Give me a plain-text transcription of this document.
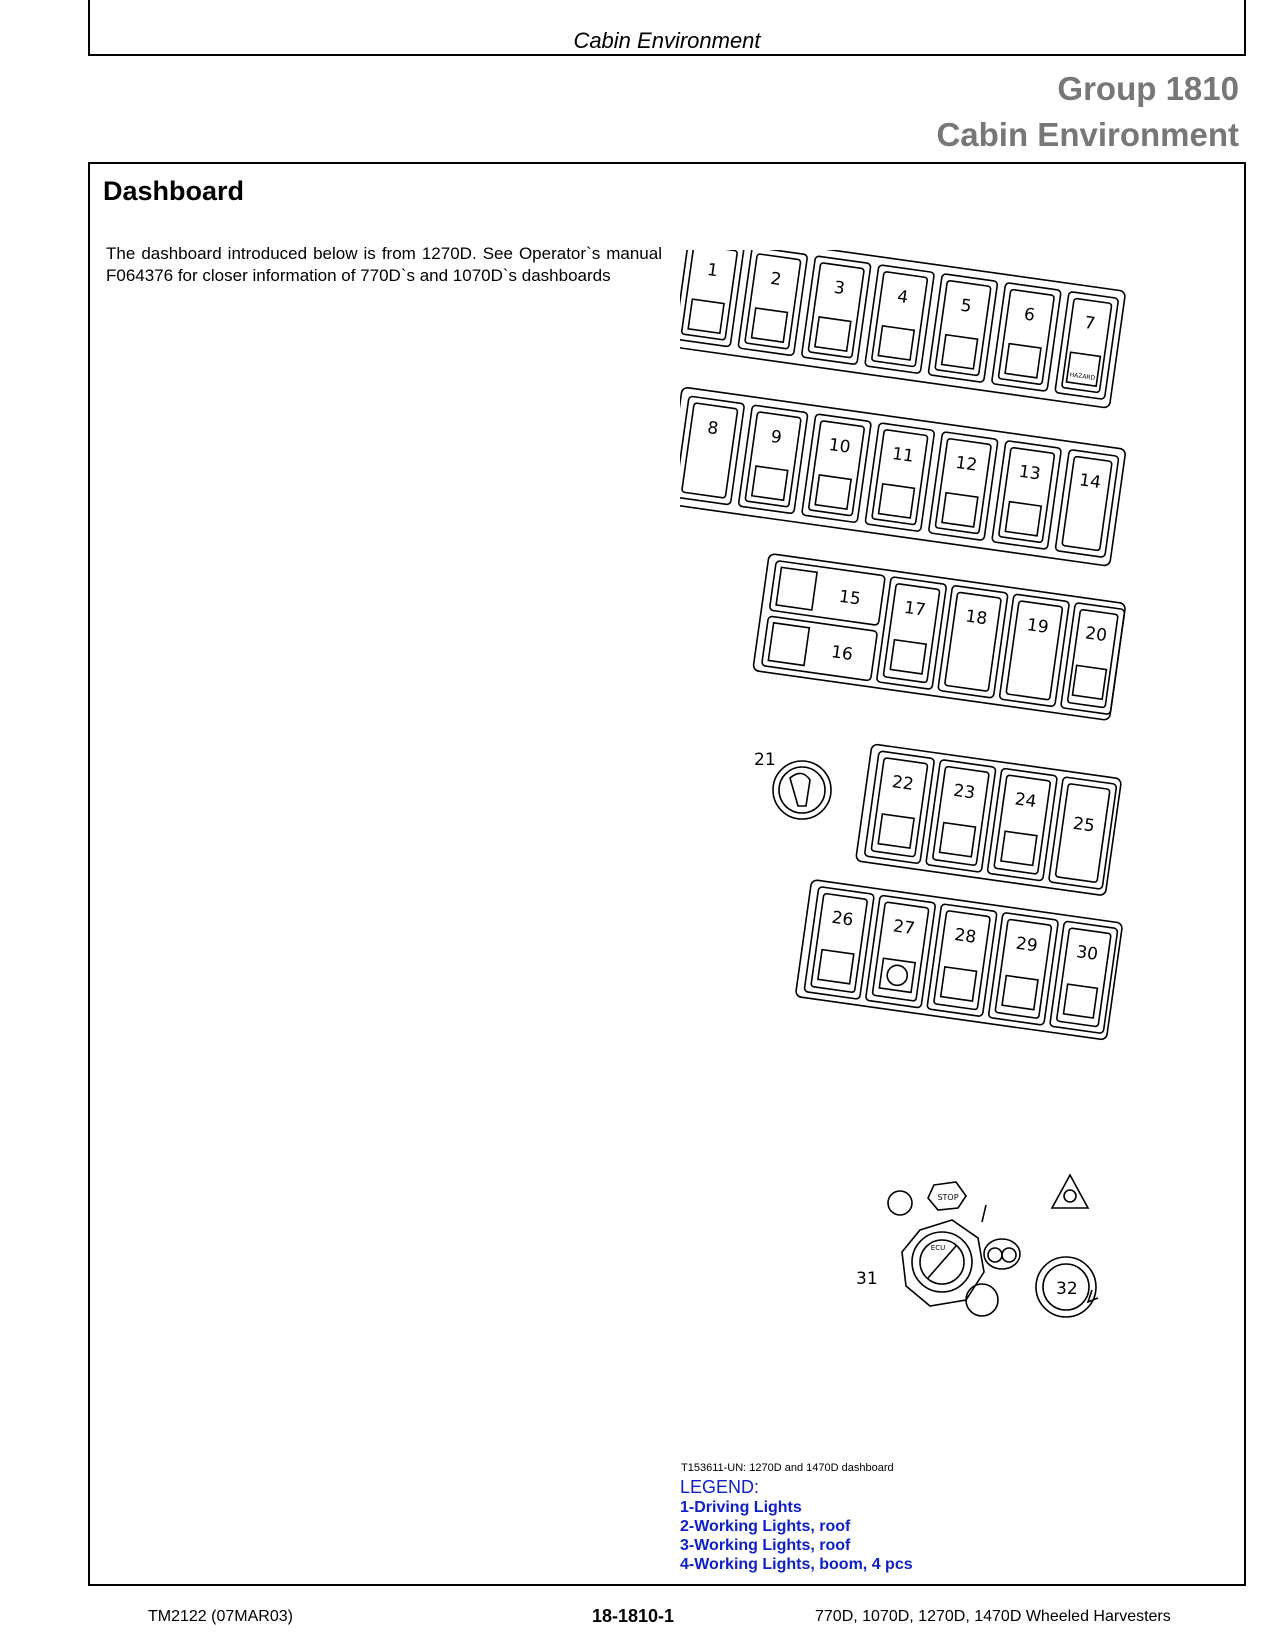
Cabin Environment
Group 1810
Cabin Environment
Dashboard
The dashboard introduced below is from 1270D. See Operator`s manual F064376 for closer information of 770D`s and 1070D`s dashboards	1	2	3	4	5	6	7
HAZARD
8	9	10 11 12 13 14
15
16
17 18 19 20
21
22 23 24
25
26 27 28 29 30
STOP
ECU
31	32
T153611-UN: 1270D and 1470D dashboard
LEGEND:
1-Driving Lights
2-Working Lights, roof
3-Working Lights, roof
4-Working Lights, boom, 4 pcs
TM2122 (07MAR03)	18-1810-1	770D, 1070D, 1270D, 1470D Wheeled Harvesters
